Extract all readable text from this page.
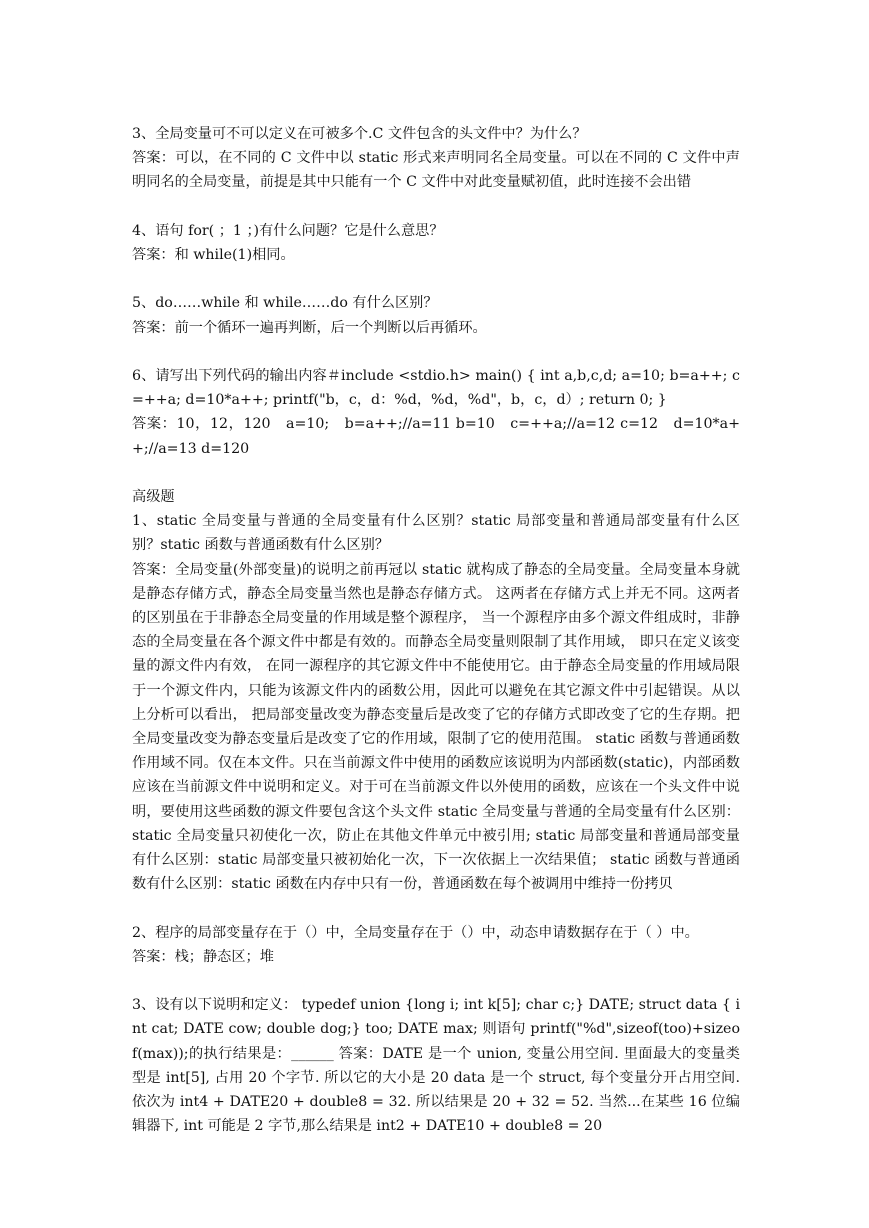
3、全局变量可不可以定义在可被多个.C 文件包含的头文件中？为什么？

答案：可以，在不同的 C 文件中以 static 形式来声明同名全局变量。可以在不同的 C 文件中声明同名的全局变量，前提是其中只能有一个 C 文件中对此变量赋初值，此时连接不会出错

4、语句 for( ；1 ；)有什么问题？它是什么意思？

答案：和 while(1)相同。

5、do……while 和 while……do 有什么区别？

答案：前一个循环一遍再判断，后一个判断以后再循环。

6、请写出下列代码的输出内容＃include <stdio.h> main() { int a,b,c,d; a=10; b=a++; c=++a; d=10*a++; printf("b，c，d：%d，%d，%d"，b，c，d）; return 0; }

答案：10，12，120　a=10;　b=a++;//a=11 b=10　c=++a;//a=12 c=12　d=10*a++;//a=13 d=120

高级题

1、static 全局变量与普通的全局变量有什么区别？static 局部变量和普通局部变量有什么区别？static 函数与普通函数有什么区别？

答案：全局变量(外部变量)的说明之前再冠以 static 就构成了静态的全局变量。全局变量本身就是静态存储方式，静态全局变量当然也是静态存储方式。 这两者在存储方式上并无不同。这两者的区别虽在于非静态全局变量的作用域是整个源程序， 当一个源程序由多个源文件组成时，非静态的全局变量在各个源文件中都是有效的。而静态全局变量则限制了其作用域， 即只在定义该变量的源文件内有效， 在同一源程序的其它源文件中不能使用它。由于静态全局变量的作用域局限于一个源文件内，只能为该源文件内的函数公用，因此可以避免在其它源文件中引起错误。从以上分析可以看出， 把局部变量改变为静态变量后是改变了它的存储方式即改变了它的生存期。把全局变量改变为静态变量后是改变了它的作用域，限制了它的使用范围。 static 函数与普通函数作用域不同。仅在本文件。只在当前源文件中使用的函数应该说明为内部函数(static)，内部函数应该在当前源文件中说明和定义。对于可在当前源文件以外使用的函数，应该在一个头文件中说明，要使用这些函数的源文件要包含这个头文件 static 全局变量与普通的全局变量有什么区别：static 全局变量只初使化一次，防止在其他文件单元中被引用; static 局部变量和普通局部变量有什么区别：static 局部变量只被初始化一次，下一次依据上一次结果值； static 函数与普通函数有什么区别：static 函数在内存中只有一份，普通函数在每个被调用中维持一份拷贝

2、程序的局部变量存在于（）中，全局变量存在于（）中，动态申请数据存在于（ ）中。

答案：栈；静态区；堆

3、设有以下说明和定义： typedef union {long i; int k[5]; char c;} DATE; struct data { int cat; DATE cow; double dog;} too; DATE max; 则语句 printf("%d",sizeof(too)+sizeof(max));的执行结果是：______ 答案：DATE 是一个 union, 变量公用空间. 里面最大的变量类型是 int[5], 占用 20 个字节. 所以它的大小是 20 data 是一个 struct, 每个变量分开占用空间. 依次为 int4 + DATE20 + double8 = 32. 所以结果是 20 + 32 = 52. 当然...在某些 16 位编辑器下, int 可能是 2 字节,那么结果是 int2 + DATE10 + double8 = 20
